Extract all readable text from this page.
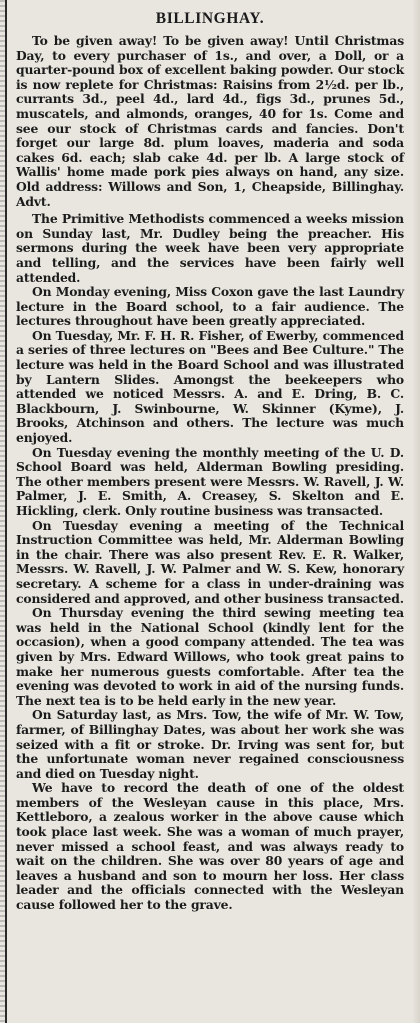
BILLINGHAY.

To be given away! To be given away! Until Christmas Day, to every purchaser of 1s., and over, a Doll, or a quarter-pound box of excellent baking powder. Our stock is now replete for Christmas: Raisins from 2½d. per lb., currants 3d., peel 4d., lard 4d., figs 3d., prunes 5d., muscatels, and almonds, oranges, 40 for 1s. Come and see our stock of Christmas cards and fancies. Don't forget our large 8d. plum loaves, maderia and soda cakes 6d. each; slab cake 4d. per lb. A large stock of Wallis' home made pork pies always on hand, any size. Old address: Willows and Son, 1, Cheapside, Billinghay. Advt.

The Primitive Methodists commenced a weeks mission on Sunday last, Mr. Dudley being the preacher. His sermons during the week have been very appropriate and telling, and the services have been fairly well attended.

On Monday evening, Miss Coxon gave the last Laundry lecture in the Board school, to a fair audience. The lectures throughout have been greatly appreciated.

On Tuesday, Mr. F. H. R. Fisher, of Ewerby, commenced a series of three lectures on "Bees and Bee Culture." The lecture was held in the Board School and was illustrated by Lantern Slides. Amongst the beekeepers who attended we noticed Messrs. A. and E. Dring, B. C. Blackbourn, J. Swinbourne, W. Skinner (Kyme), J. Brooks, Atchinson and others. The lecture was much enjoyed.

On Tuesday evening the monthly meeting of the U. D. School Board was held, Alderman Bowling presiding. The other members present were Messrs. W. Ravell, J. W. Palmer, J. E. Smith, A. Creasey, S. Skelton and E. Hickling, clerk. Only routine business was transacted.

On Tuesday evening a meeting of the Technical Instruction Committee was held, Mr. Alderman Bowling in the chair. There was also present Rev. E. R. Walker, Messrs. W. Ravell, J. W. Palmer and W. S. Kew, honorary secretary. A scheme for a class in under-draining was considered and approved, and other business transacted.

On Thursday evening the third sewing meeting tea was held in the National School (kindly lent for the occasion), when a good company attended. The tea was given by Mrs. Edward Willows, who took great pains to make her numerous guests comfortable. After tea the evening was devoted to work in aid of the nursing funds. The next tea is to be held early in the new year.

On Saturday last, as Mrs. Tow, the wife of Mr. W. Tow, farmer, of Billinghay Dates, was about her work she was seized with a fit or stroke. Dr. Irving was sent for, but the unfortunate woman never regained consciousness and died on Tuesday night.

We have to record the death of one of the oldest members of the Wesleyan cause in this place, Mrs. Kettleboro, a zealous worker in the above cause which took place last week. She was a woman of much prayer, never missed a school feast, and was always ready to wait on the children. She was over 80 years of age and leaves a husband and son to mourn her loss. Her class leader and the officials connected with the Wesleyan cause followed her to the grave.
